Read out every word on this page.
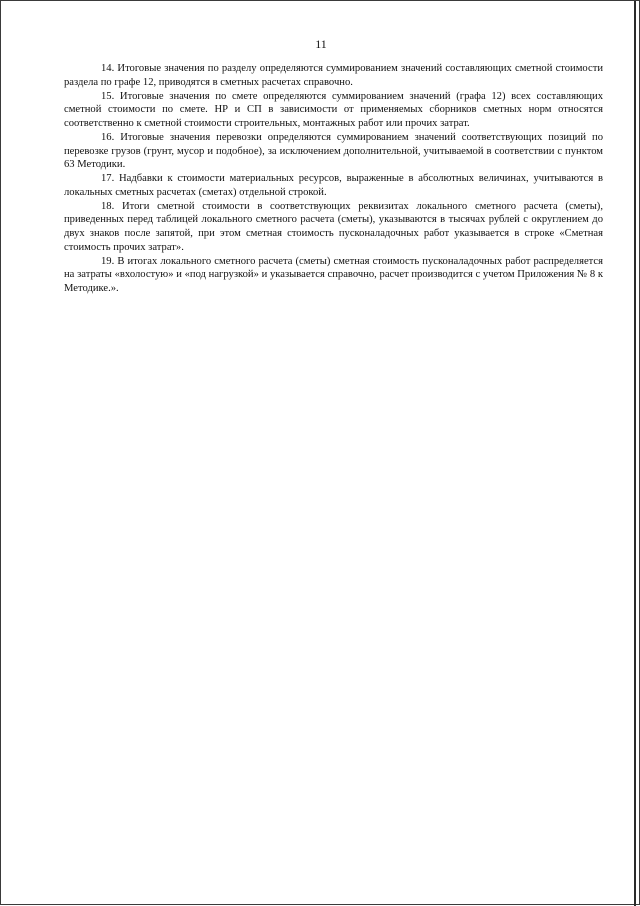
11

14. Итоговые значения по разделу определяются суммированием значений составляющих сметной стоимости раздела по графе 12, приводятся в сметных расчетах справочно.

15. Итоговые значения по смете определяются суммированием значений (графа 12) всех составляющих сметной стоимости по смете. НР и СП в зависимости от применяемых сборников сметных норм относятся соответственно к сметной стоимости строительных, монтажных работ или прочих затрат.

16. Итоговые значения перевозки определяются суммированием значений соответствующих позиций по перевозке грузов (грунт, мусор и подобное), за исключением дополнительной, учитываемой в соответствии с пунктом 63 Методики.

17. Надбавки к стоимости материальных ресурсов, выраженные в абсолютных величинах, учитываются в локальных сметных расчетах (сметах) отдельной строкой.

18. Итоги сметной стоимости в соответствующих реквизитах локального сметного расчета (сметы), приведенных перед таблицей локального сметного расчета (сметы), указываются в тысячах рублей с округлением до двух знаков после запятой, при этом сметная стоимость пусконаладочных работ указывается в строке «Сметная стоимость прочих затрат».

19. В итогах локального сметного расчета (сметы) сметная стоимость пусконаладочных работ распределяется на затраты «вхолостую» и «под нагрузкой» и указывается справочно, расчет производится с учетом Приложения № 8 к Методике.».
